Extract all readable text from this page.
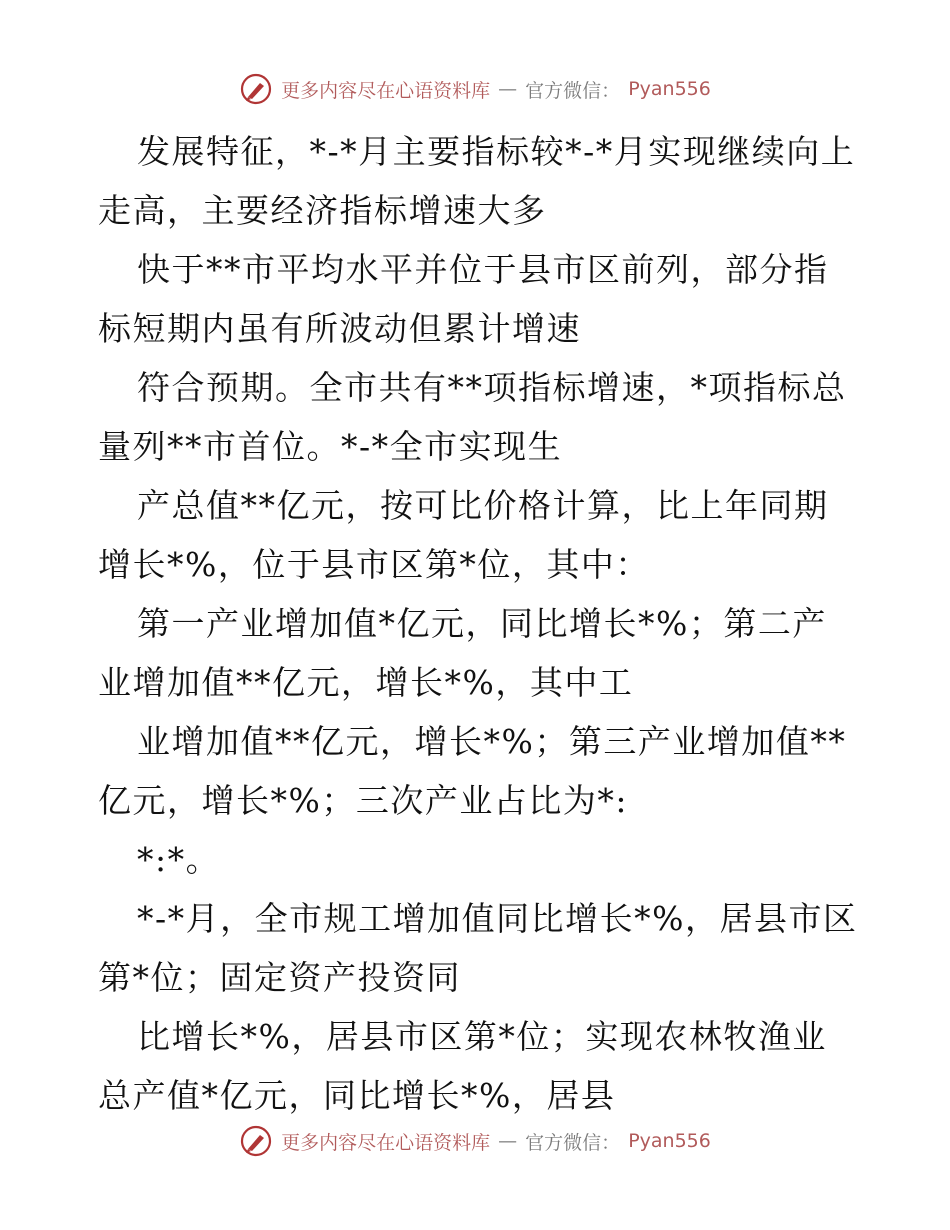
更多内容尽在心语资料库 — 官方微信： Pyan556

发展特征，*-*月主要指标较*-*月实现继续向上走高，主要经济指标增速大多

快于**市平均水平并位于县市区前列，部分指标短期内虽有所波动但累计增速

符合预期。全市共有**项指标增速，*项指标总量列**市首位。*-*全市实现生

产总值**亿元，按可比价格计算，比上年同期增长*%，位于县市区第*位，其中：

第一产业增加值*亿元，同比增长*%；第二产业增加值**亿元，增长*%，其中工

业增加值**亿元，增长*%；第三产业增加值**亿元，增长*%；三次产业占比为*:

*:*。

*-*月，全市规工增加值同比增长*%，居县市区第*位；固定资产投资同

比增长*%，居县市区第*位；实现农林牧渔业总产值*亿元，同比增长*%，居县

更多内容尽在心语资料库 — 官方微信： Pyan556
